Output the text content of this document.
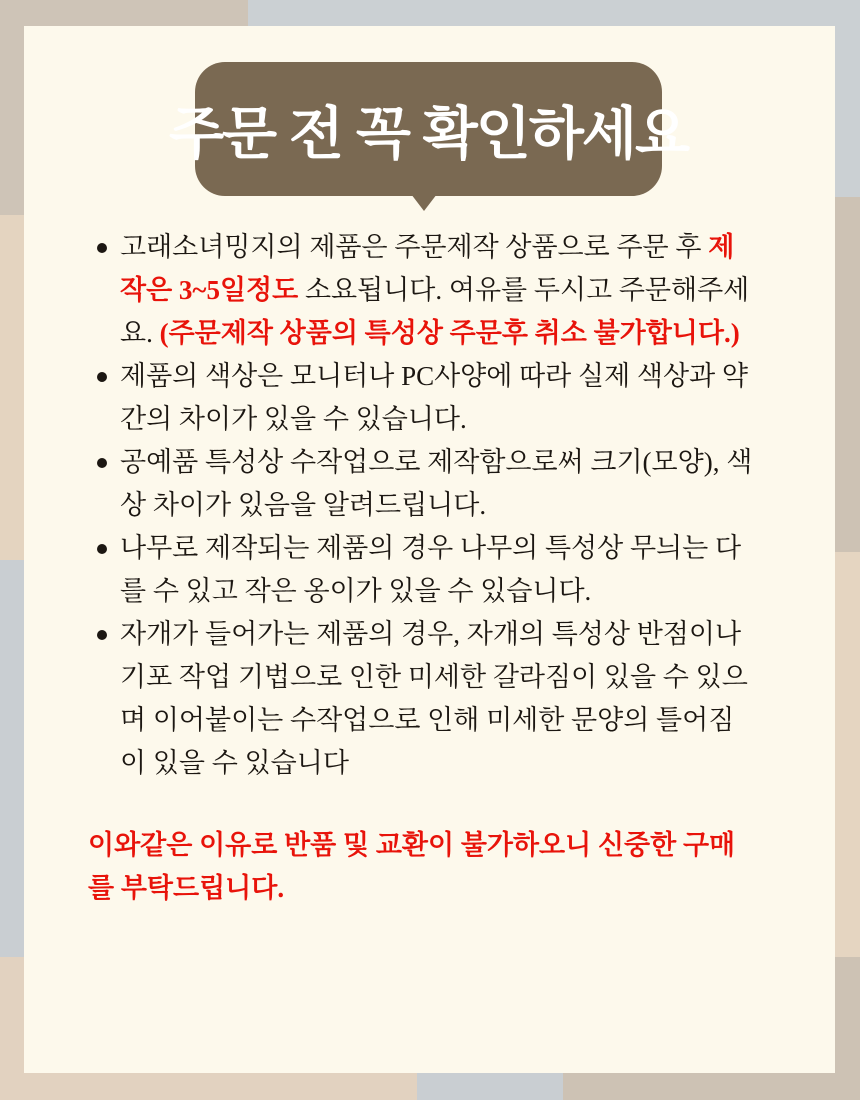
주문 전 꼭 확인하세요
고래소녀밍지의 제품은 주문제작 상품으로 주문 후 제작은 3~5일정도 소요됩니다. 여유를 두시고 주문해주세요. (주문제작 상품의 특성상 주문후 취소 불가합니다.)
제품의 색상은 모니터나 PC사양에 따라 실제 색상과 약간의 차이가 있을 수 있습니다.
공예품 특성상 수작업으로 제작함으로써 크기(모양), 색상 차이가 있음을 알려드립니다.
나무로 제작되는 제품의 경우 나무의 특성상 무늬는 다를 수 있고 작은 옹이가 있을 수 있습니다.
자개가 들어가는 제품의 경우, 자개의 특성상 반점이나 기포 작업 기법으로 인한 미세한 갈라짐이 있을 수 있으며 이어붙이는 수작업으로 인해 미세한 문양의 틀어짐이 있을 수 있습니다
이와같은 이유로 반품 및 교환이 불가하오니 신중한 구매를 부탁드립니다.
